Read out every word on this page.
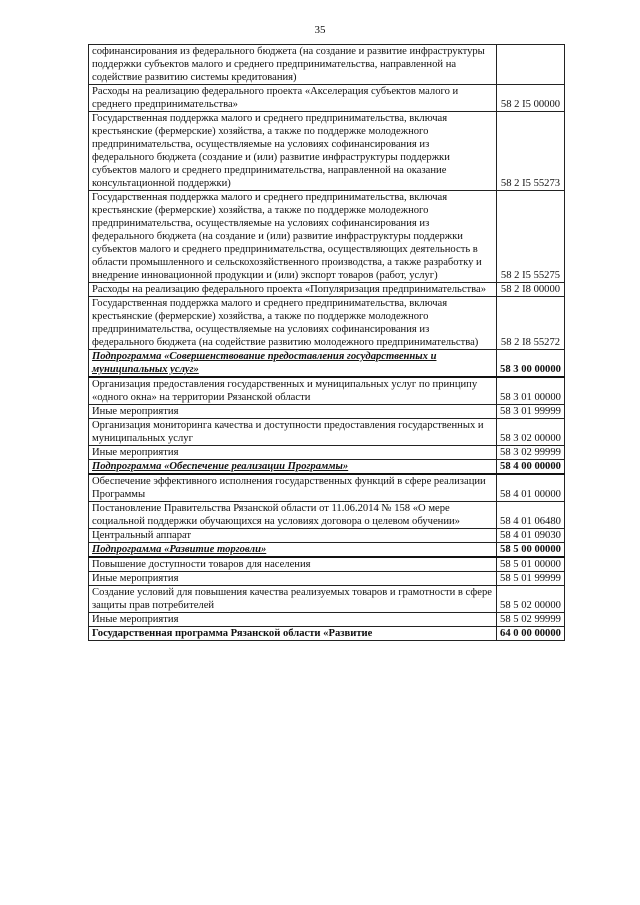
35
софинансирования из федерального бюджета (на создание и развитие инфраструктуры поддержки субъектов малого и среднего предпринимательства, направленной на содействие развитию системы кредитования)	
Расходы на реализацию федерального проекта «Акселерация субъектов малого и среднего предпринимательства»	58 2 I5 00000
Государственная поддержка малого и среднего предпринимательства, включая крестьянские (фермерские) хозяйства, а также по поддержке молодежного предпринимательства, осуществляемые на условиях софинансирования из федерального бюджета (создание и (или) развитие инфраструктуры поддержки субъектов малого и среднего предпринимательства, направленной на оказание консультационной поддержки)	58 2 I5 55273
Государственная поддержка малого и среднего предпринимательства, включая крестьянские (фермерские) хозяйства, а также по поддержке молодежного предпринимательства, осуществляемые на условиях софинансирования из федерального бюджета (на создание и (или) развитие инфраструктуры поддержки субъектов малого и среднего предпринимательства, осуществляющих деятельность в области промышленного и сельскохозяйственного производства, а также разработку и внедрение инновационной продукции и (или) экспорт товаров (работ, услуг)	58 2 I5 55275
Расходы на реализацию федерального проекта «Популяризация предпринимательства»	58 2 I8 00000
Государственная поддержка малого и среднего предпринимательства, включая крестьянские (фермерские) хозяйства, а также по поддержке молодежного предпринимательства, осуществляемые на условиях софинансирования из федерального бюджета (на содействие развитию молодежного предпринимательства)	58 2 I8 55272
Подпрограмма «Совершенствование предоставления государственных и муниципальных услуг»	58 3 00 00000
Организация предоставления государственных и муниципальных услуг по принципу «одного окна» на территории Рязанской области	58 3 01 00000
Иные мероприятия	58 3 01 99999
Организация мониторинга качества и доступности предоставления государственных и муниципальных услуг	58 3 02 00000
Иные мероприятия	58 3 02 99999
Подпрограмма «Обеспечение реализации Программы»	58 4 00 00000
Обеспечение эффективного исполнения государственных функций в сфере реализации Программы	58 4 01 00000
Постановление Правительства Рязанской области от 11.06.2014 № 158 «О мере социальной поддержки обучающихся на условиях договора о целевом обучении»	58 4 01 06480
Центральный аппарат	58 4 01 09030
Подпрограмма «Развитие торговли»	58 5 00 00000
Повышение доступности товаров для населения	58 5 01 00000
Иные мероприятия	58 5 01 99999
Создание условий для повышения качества реализуемых товаров и грамотности в сфере защиты прав потребителей	58 5 02 00000
Иные мероприятия	58 5 02 99999
Государственная программа Рязанской области «Развитие	64 0 00 00000
